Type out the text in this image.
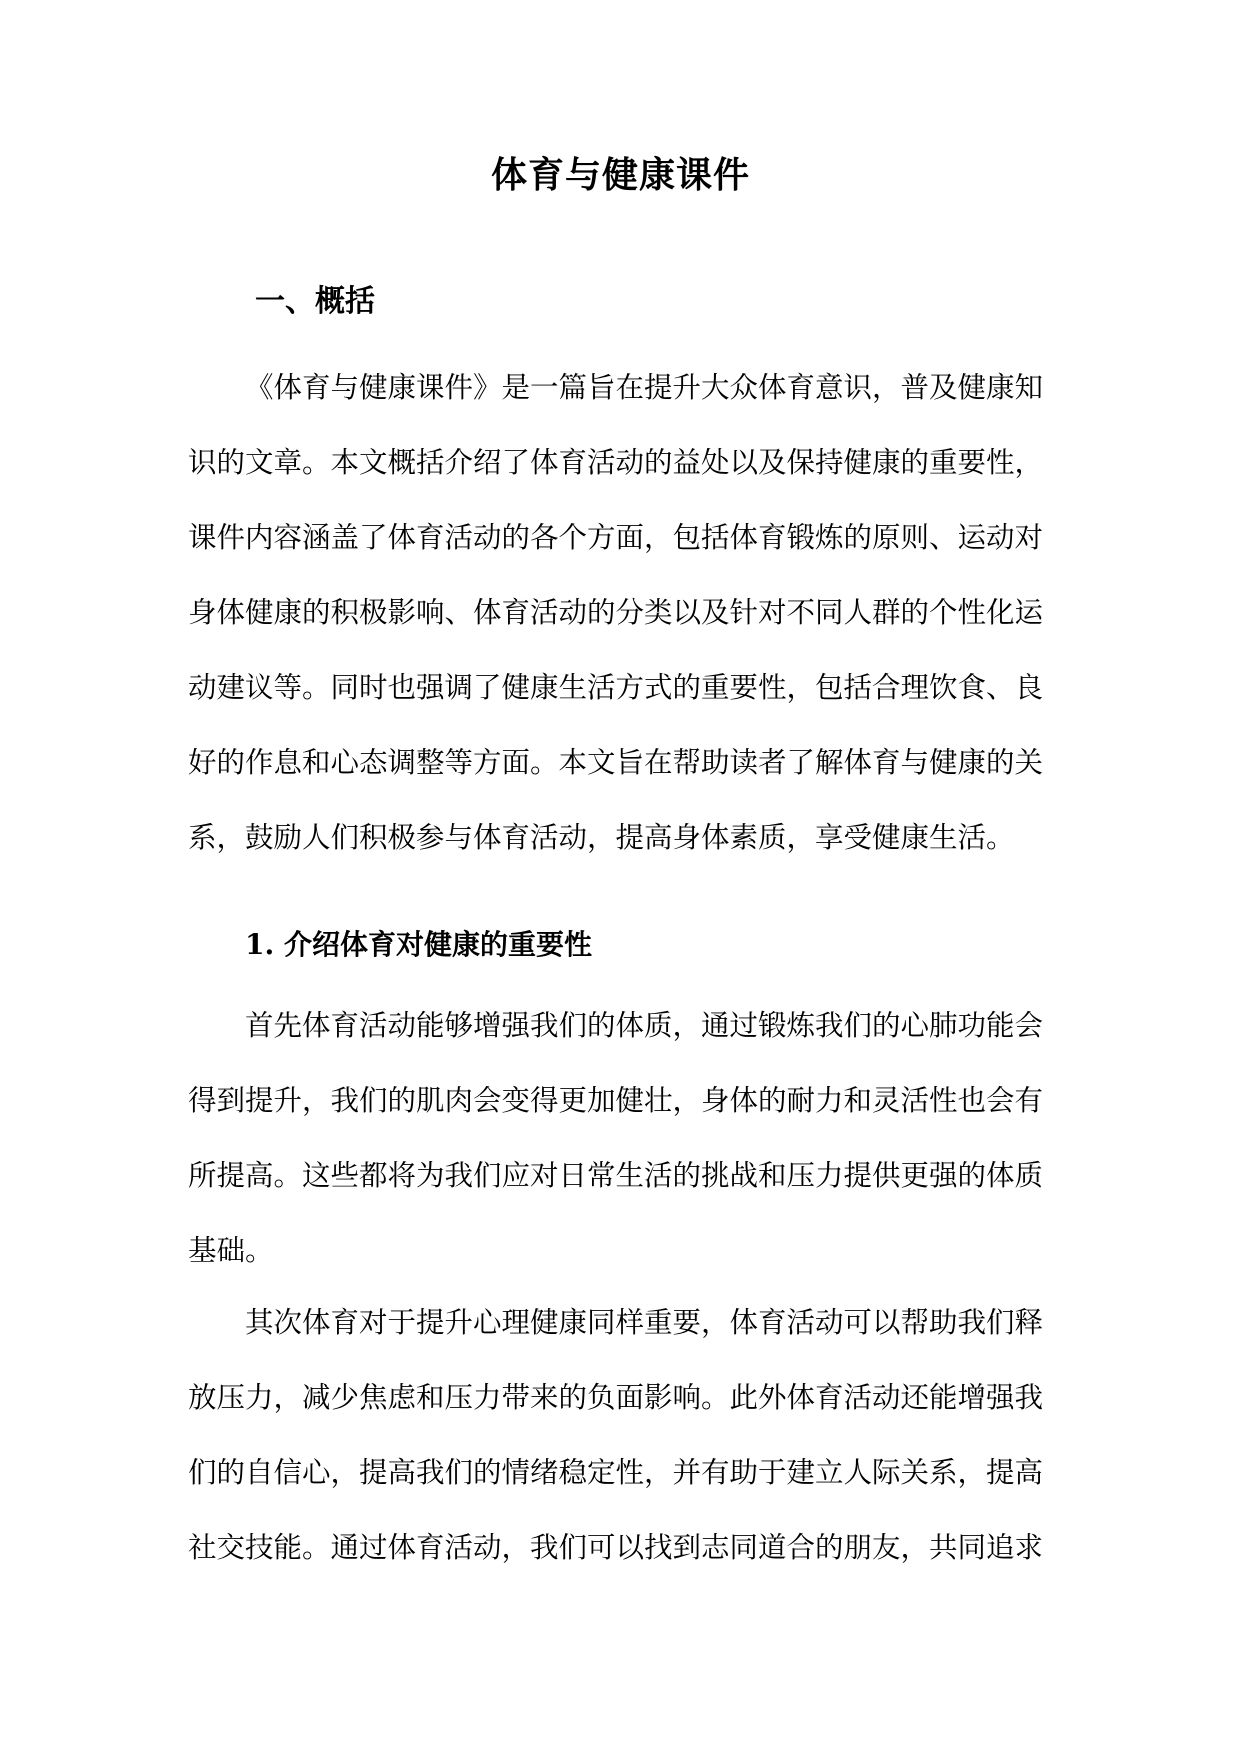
体育与健康课件
一、概括
《体育与健康课件》是一篇旨在提升大众体育意识，普及健康知
识的文章。本文概括介绍了体育活动的益处以及保持健康的重要性，
课件内容涵盖了体育活动的各个方面，包括体育锻炼的原则、运动对
身体健康的积极影响、体育活动的分类以及针对不同人群的个性化运
动建议等。同时也强调了健康生活方式的重要性，包括合理饮食、良
好的作息和心态调整等方面。本文旨在帮助读者了解体育与健康的关
系，鼓励人们积极参与体育活动，提高身体素质，享受健康生活。
1. 介绍体育对健康的重要性
首先体育活动能够增强我们的体质，通过锻炼我们的心肺功能会
得到提升，我们的肌肉会变得更加健壮，身体的耐力和灵活性也会有
所提高。这些都将为我们应对日常生活的挑战和压力提供更强的体质
基础。
其次体育对于提升心理健康同样重要，体育活动可以帮助我们释
放压力，减少焦虑和压力带来的负面影响。此外体育活动还能增强我
们的自信心，提高我们的情绪稳定性，并有助于建立人际关系，提高
社交技能。通过体育活动，我们可以找到志同道合的朋友，共同追求
